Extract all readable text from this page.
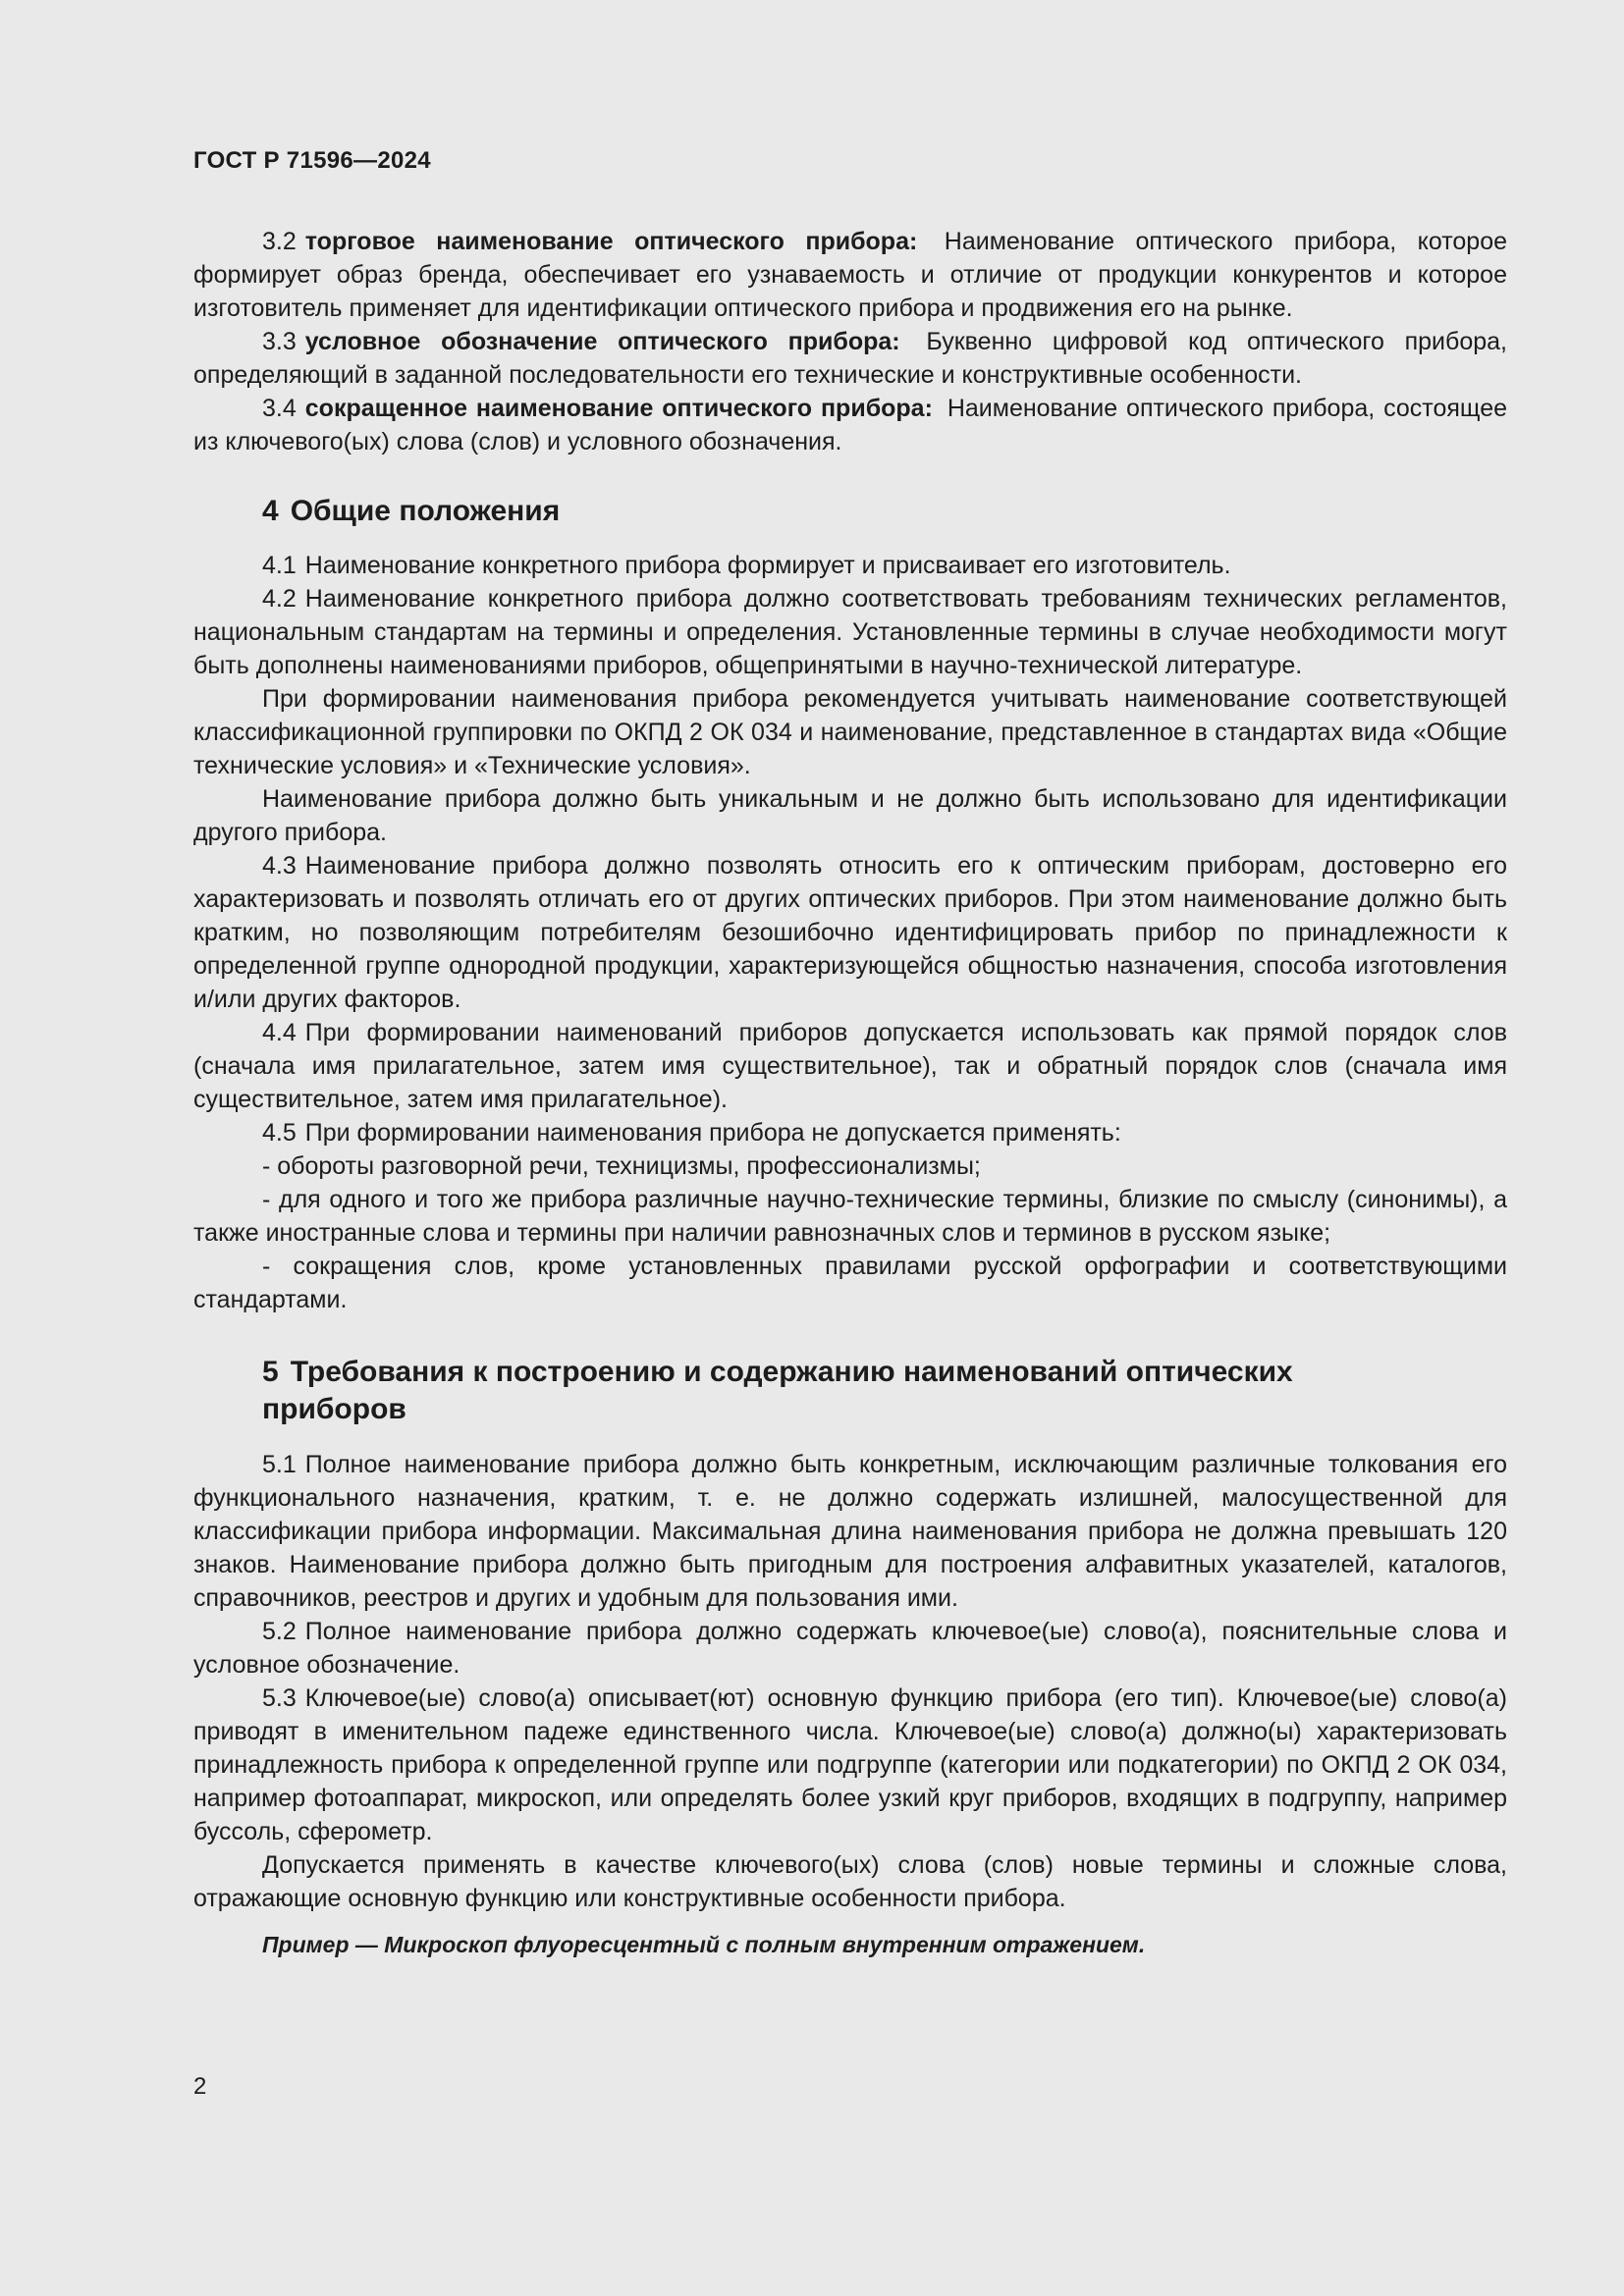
ГОСТ Р 71596—2024

3.2 торговое наименование оптического прибора: Наименование оптического прибора, которое формирует образ бренда, обеспечивает его узнаваемость и отличие от продукции конкурентов и которое изготовитель применяет для идентификации оптического прибора и продвижения его на рынке.

3.3 условное обозначение оптического прибора: Буквенно цифровой код оптического прибора, определяющий в заданной последовательности его технические и конструктивные особенности.

3.4 сокращенное наименование оптического прибора: Наименование оптического прибора, состоящее из ключевого(ых) слова (слов) и условного обозначения.

4 Общие положения

4.1 Наименование конкретного прибора формирует и присваивает его изготовитель.

4.2 Наименование конкретного прибора должно соответствовать требованиям технических регламентов, национальным стандартам на термины и определения. Установленные термины в случае необходимости могут быть дополнены наименованиями приборов, общепринятыми в научно-технической литературе.

При формировании наименования прибора рекомендуется учитывать наименование соответствующей классификационной группировки по ОКПД 2 ОК 034 и наименование, представленное в стандартах вида «Общие технические условия» и «Технические условия».

Наименование прибора должно быть уникальным и не должно быть использовано для идентификации другого прибора.

4.3 Наименование прибора должно позволять относить его к оптическим приборам, достоверно его характеризовать и позволять отличать его от других оптических приборов. При этом наименование должно быть кратким, но позволяющим потребителям безошибочно идентифицировать прибор по принадлежности к определенной группе однородной продукции, характеризующейся общностью назначения, способа изготовления и/или других факторов.

4.4 При формировании наименований приборов допускается использовать как прямой порядок слов (сначала имя прилагательное, затем имя существительное), так и обратный порядок слов (сначала имя существительное, затем имя прилагательное).

4.5 При формировании наименования прибора не допускается применять:

- обороты разговорной речи, техницизмы, профессионализмы;

- для одного и того же прибора различные научно-технические термины, близкие по смыслу (синонимы), а также иностранные слова и термины при наличии равнозначных слов и терминов в русском языке;

- сокращения слов, кроме установленных правилами русской орфографии и соответствующими стандартами.

5 Требования к построению и содержанию наименований оптических
приборов

5.1 Полное наименование прибора должно быть конкретным, исключающим различные толкования его функционального назначения, кратким, т. е. не должно содержать излишней, малосущественной для классификации прибора информации. Максимальная длина наименования прибора не должна превышать 120 знаков. Наименование прибора должно быть пригодным для построения алфавитных указателей, каталогов, справочников, реестров и других и удобным для пользования ими.

5.2 Полное наименование прибора должно содержать ключевое(ые) слово(а), пояснительные слова и условное обозначение.

5.3 Ключевое(ые) слово(а) описывает(ют) основную функцию прибора (его тип). Ключевое(ые) слово(а) приводят в именительном падеже единственного числа. Ключевое(ые) слово(а) должно(ы) характеризовать принадлежность прибора к определенной группе или подгруппе (категории или подкатегории) по ОКПД 2 ОК 034, например фотоаппарат, микроскоп, или определять более узкий круг приборов, входящих в подгруппу, например буссоль, сферометр.

Допускается применять в качестве ключевого(ых) слова (слов) новые термины и сложные слова, отражающие основную функцию или конструктивные особенности прибора.

Пример — Микроскоп флуоресцентный с полным внутренним отражением.

2
